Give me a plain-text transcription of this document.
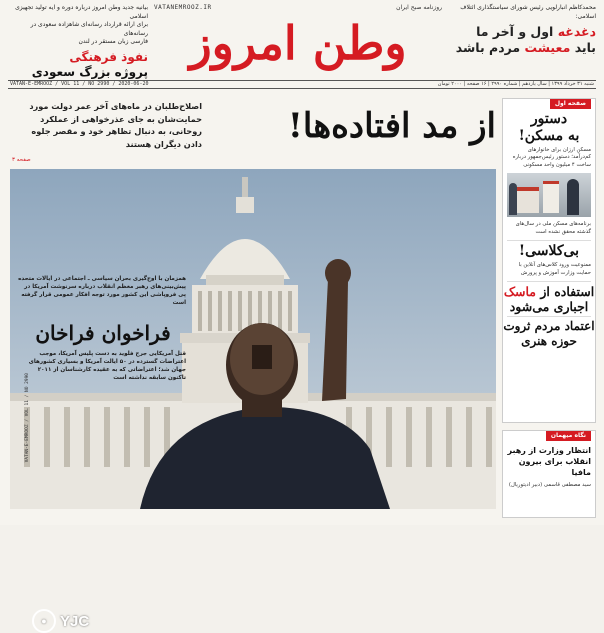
بیانیه جدید وطن امروز درباره دوره و ایه تولید تجهیزی اسلامی
برای ارائه قرارداد رسانه‌ای شاهزاده سعودی در رسانه‌های
فارسی زبان مستقر در لندن
نفوذ فرهنگی
پروژه بزرگ سعودی
روزنامه صبح ایران
VATANEMROOZ.IR
وطن امروز
محمدکاظم انبارلویی رئیس شورای سیاستگذاری ائتلاف اسلامی:
دغدغه اول و آخر ما
باید معیشت مردم باشد
شنبه ۳۱ خرداد ۱۳۹۹ | سال یازدهم | شماره ۲۹۹۰ | ۱۶ صفحه | ۲۰۰۰ تومان
VATAN-E-EMROOZ / VOL 11 / NO 2990 / 2020-06-20
از مد افتاده‌ها!
اصلاح‌طلبان در ماه‌های آخر عمر دولت مورد حمایت‌شان به جای عذرخواهی از عملکرد روحانی، به دنبال تظاهر خود و مقصر جلوه دادن دیگران هستند
صفحه ۳
VATAN-E-EMROOZ / VOL 11 / NO 2990
● YJC
همزمان با اوج‌گیری بحران سیاسی ـ اجتماعی در ایالات متحده پیش‌بینی‌های رهبر معظم انقلاب درباره سرنوشت آمریکا در پی فروپاشی این کشور مورد توجه افکار عمومی قرار گرفته است
فراخوان فراخان
قتل آمریکایی جرج فلوید به دست پلیس آمریکا، موجب اعتراضات گسترده در ۵۰ ایالت آمریکا و بسیاری کشورهای جهان شد؛ اعتراضاتی که به عقیده کارشناسان از ۲۰۱۱ تاکنون سابقه نداشته است
صفحه اول
دستور
به مسکن!
مسکن ارزان برای خانوارهای کم‌درآمد؛ دستور رئیس‌جمهور درباره ساخت ۴ میلیون واحد مسکونی
برنامه‌های مسکن ملی در سال‌های گذشته محقق نشده است
بی‌کلاسی!
ممنوعیت ورود کلاس‌های آنلاین با حمایت وزارت آموزش و پرورش
استفاده از ماسک اجباری می‌شود
اعتماد مردم ثروت حوزه هنری
نگاه میهمان
انتظار وزارت از رهبر انقلاب برای بیرون مافیا
سید مصطفی قاسمی (دبیر ادیتوریال)
